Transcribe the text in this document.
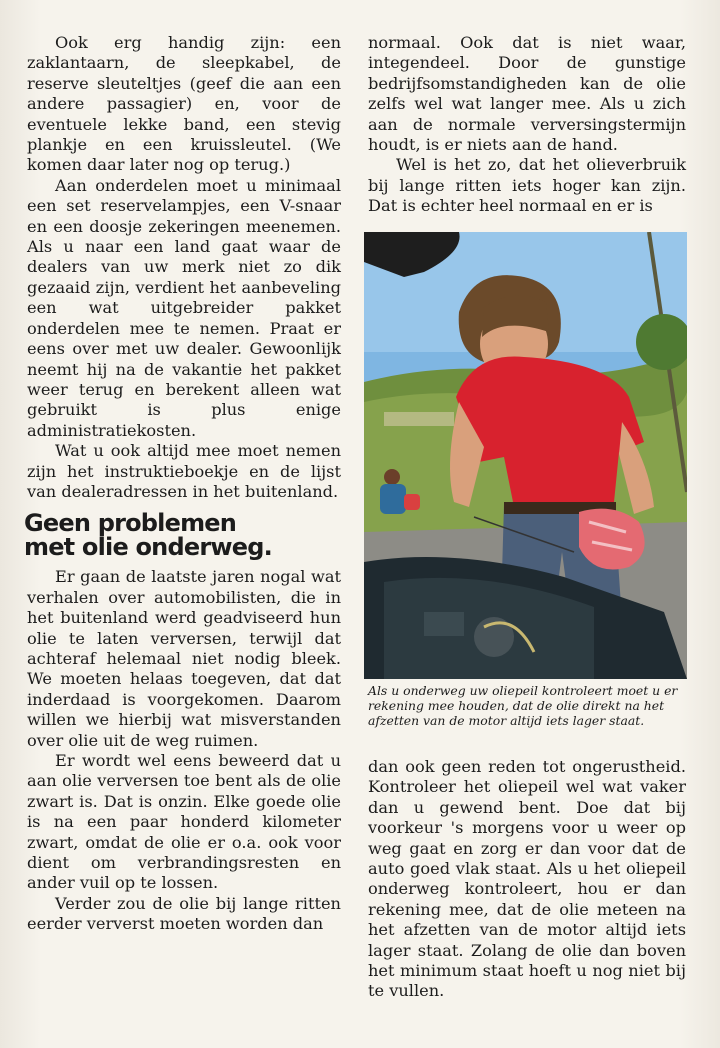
Ook erg handig zijn: een zaklantaarn, de sleepkabel, de reserve sleuteltjes (geef die aan een andere passagier) en, voor de eventuele lekke band, een stevig plankje en een kruissleutel. (We komen daar later nog op terug.)

Aan onderdelen moet u minimaal een set reservelampjes, een V-snaar en een doosje zekeringen meenemen. Als u naar een land gaat waar de dealers van uw merk niet zo dik gezaaid zijn, verdient het aanbeveling een wat uitgebreider pakket onderdelen mee te nemen. Praat er eens over met uw dealer. Gewoonlijk neemt hij na de vakantie het pakket weer terug en berekent alleen wat gebruikt is plus enige administratiekosten.

Wat u ook altijd mee moet nemen zijn het instruktieboekje en de lijst van dealeradressen in het buitenland.

Geen problemen
met olie onderweg.

Er gaan de laatste jaren nogal wat verhalen over automobilisten, die in het buitenland werd geadviseerd hun olie te laten verversen, terwijl dat achteraf helemaal niet nodig bleek. We moeten helaas toegeven, dat dat inderdaad is voorgekomen. Daarom willen we hierbij wat misverstanden over olie uit de weg ruimen.

Er wordt wel eens beweerd dat u aan olie verversen toe bent als de olie zwart is. Dat is onzin. Elke goede olie is na een paar honderd kilometer zwart, omdat de olie er o.a. ook voor dient om verbrandingsresten en ander vuil op te lossen.

Verder zou de olie bij lange ritten eerder ververst moeten worden dan

normaal. Ook dat is niet waar, integendeel. Door de gunstige bedrijfsomstandigheden kan de olie zelfs wel wat langer mee. Als u zich aan de normale verversingstermijn houdt, is er niets aan de hand.

Wel is het zo, dat het olieverbruik bij lange ritten iets hoger kan zijn. Dat is echter heel normaal en er is

Als u onderweg uw oliepeil kontroleert moet u er rekening mee houden, dat de olie direkt na het afzetten van de motor altijd iets lager staat.

dan ook geen reden tot ongerustheid. Kontroleer het oliepeil wel wat vaker dan u gewend bent. Doe dat bij voorkeur 's morgens voor u weer op weg gaat en zorg er dan voor dat de auto goed vlak staat. Als u het oliepeil onderweg kontroleert, hou er dan rekening mee, dat de olie meteen na het afzetten van de motor altijd iets lager staat. Zolang de olie dan boven het minimum staat hoeft u nog niet bij te vullen.
